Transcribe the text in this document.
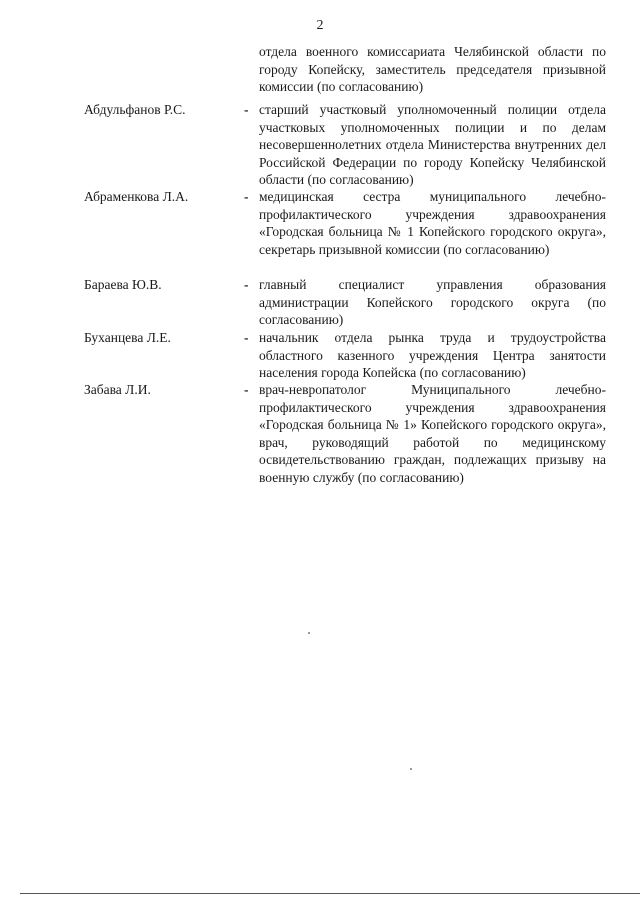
2
отдела военного комиссариата Челябинской области по городу Копейску, заместитель председателя призывной комиссии (по согласованию)
Абдульфанов Р.С.	- старший участковый уполномоченный полиции отдела участковых уполномоченных полиции и по делам несовершеннолетних отдела Министерства внутренних дел Российской Федерации по городу Копейску Челябинской области (по согласованию)
Абраменкова Л.А.	- медицинская сестра муниципального лечебно-профилактического учреждения здравоохранения «Городская больница № 1 Копейского городского округа», секретарь призывной комиссии (по согласованию)
Бараева Ю.В.	- главный специалист управления образования администрации Копейского городского округа (по согласованию)
Буханцева Л.Е.	- начальник отдела рынка труда и трудоустройства областного казенного учреждения Центра занятости населения города Копейска (по согласованию)
Забава Л.И.	- врач-невропатолог Муниципального лечебно-профилактического учреждения здравоохранения «Городская больница № 1» Копейского городского округа», врач, руководящий работой по медицинскому освидетельствованию граждан, подлежащих призыву на военную службу (по согласованию)
